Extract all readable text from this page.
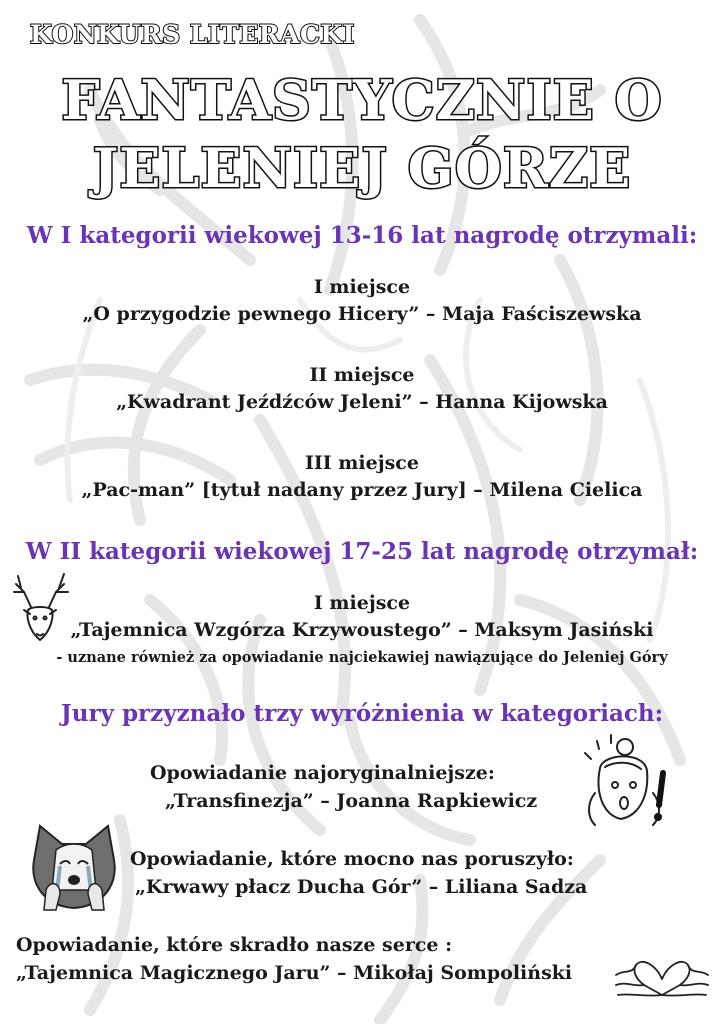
KONKURS LITERACKI
FANTASTYCZNIE O
JELENIEJ GÓRZE
W I kategorii wiekowej 13-16 lat nagrodę otrzymali:
I miejsce
„O przygodzie pewnego Hicery” – Maja Faściszewska
II miejsce
„Kwadrant Jeźdźców Jeleni” – Hanna Kijowska
III miejsce
„Pac-man” [tytuł nadany przez Jury] – Milena Cielica
W II kategorii wiekowej 17-25 lat nagrodę otrzymał:
I miejsce
„Tajemnica Wzgórza Krzywoustego” – Maksym Jasiński
- uznane również za opowiadanie najciekawiej nawiązujące do Jeleniej Góry
Jury przyznało trzy wyróżnienia w kategoriach:
Opowiadanie najoryginalniejsze:
„Transfinezja” – Joanna Rapkiewicz
Opowiadanie, które mocno nas poruszyło:
„Krwawy płacz Ducha Gór” – Liliana Sadza
Opowiadanie, które skradło nasze serce :
„Tajemnica Magicznego Jaru” – Mikołaj Sompoliński
